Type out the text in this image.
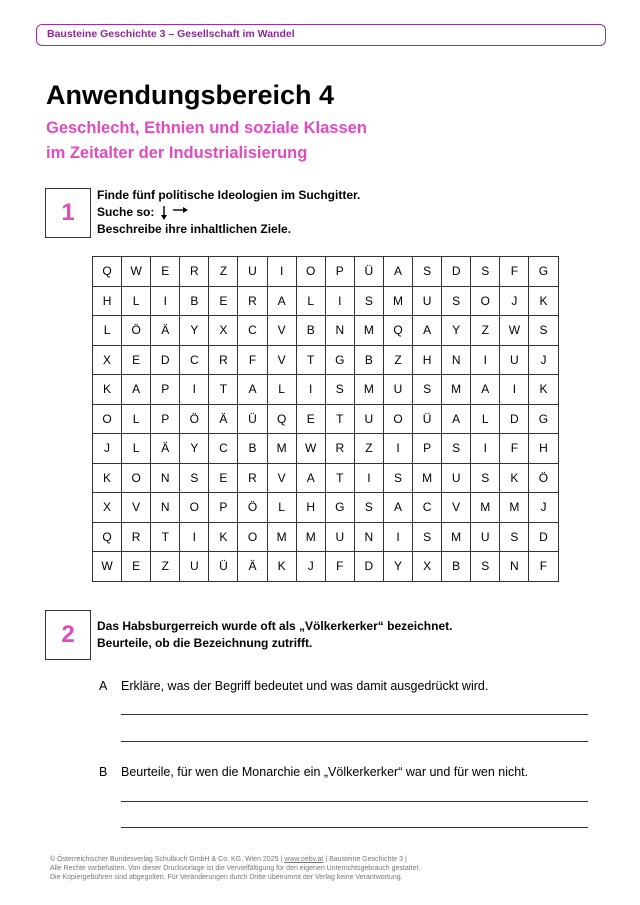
Bausteine Geschichte 3 – Gesellschaft im Wandel
Anwendungsbereich 4
Geschlecht, Ethnien und soziale Klassen
im Zeitalter der Industrialisierung
1
Finde fünf politische Ideologien im Suchgitter.
Suche so:
Beschreibe ihre inhaltlichen Ziele.
Q	W	E	R	Z	U	I	O	P	Ü	A	S	D	S	F	G
H	L	I	B	E	R	A	L	I	S	M	U	S	O	J	K
L	Ö	Ä	Y	X	C	V	B	N	M	Q	A	Y	Z	W	S
X	E	D	C	R	F	V	T	G	B	Z	H	N	I	U	J
K	A	P	I	T	A	L	I	S	M	U	S	M	A	I	K
O	L	P	Ö	Ä	Ü	Q	E	T	U	O	Ü	A	L	D	G
J	L	Ä	Y	C	B	M	W	R	Z	I	P	S	I	F	H
K	O	N	S	E	R	V	A	T	I	S	M	U	S	K	Ö
X	V	N	O	P	Ö	L	H	G	S	A	C	V	M	M	J
Q	R	T	I	K	O	M	M	U	N	I	S	M	U	S	D
W	E	Z	U	Ü	Ä	K	J	F	D	Y	X	B	S	N	F
2 Das Habsburgerreich wurde oft als „Völkerkerker“ bezeichnet.
Beurteile, ob die Bezeichnung zutrifft.
A Erkläre, was der Begriff bedeutet und was damit ausgedrückt wird.
B Beurteile, für wen die Monarchie ein „Völkerkerker“ war und für wen nicht.
© Österreichischer Bundesverlag Schulbuch GmbH & Co. KG, Wien 2025 | www.oebv.at | Bausteine Geschichte 3 |
Alle Rechte vorbehalten. Von dieser Druckvorlage ist die Vervielfältigung für den eigenen Unterrichtsgebrauch gestattet.
Die Kopiergebühren sind abgegolten. Für Veränderungen durch Dritte übernimmt der Verlag keine Verantwortung.
